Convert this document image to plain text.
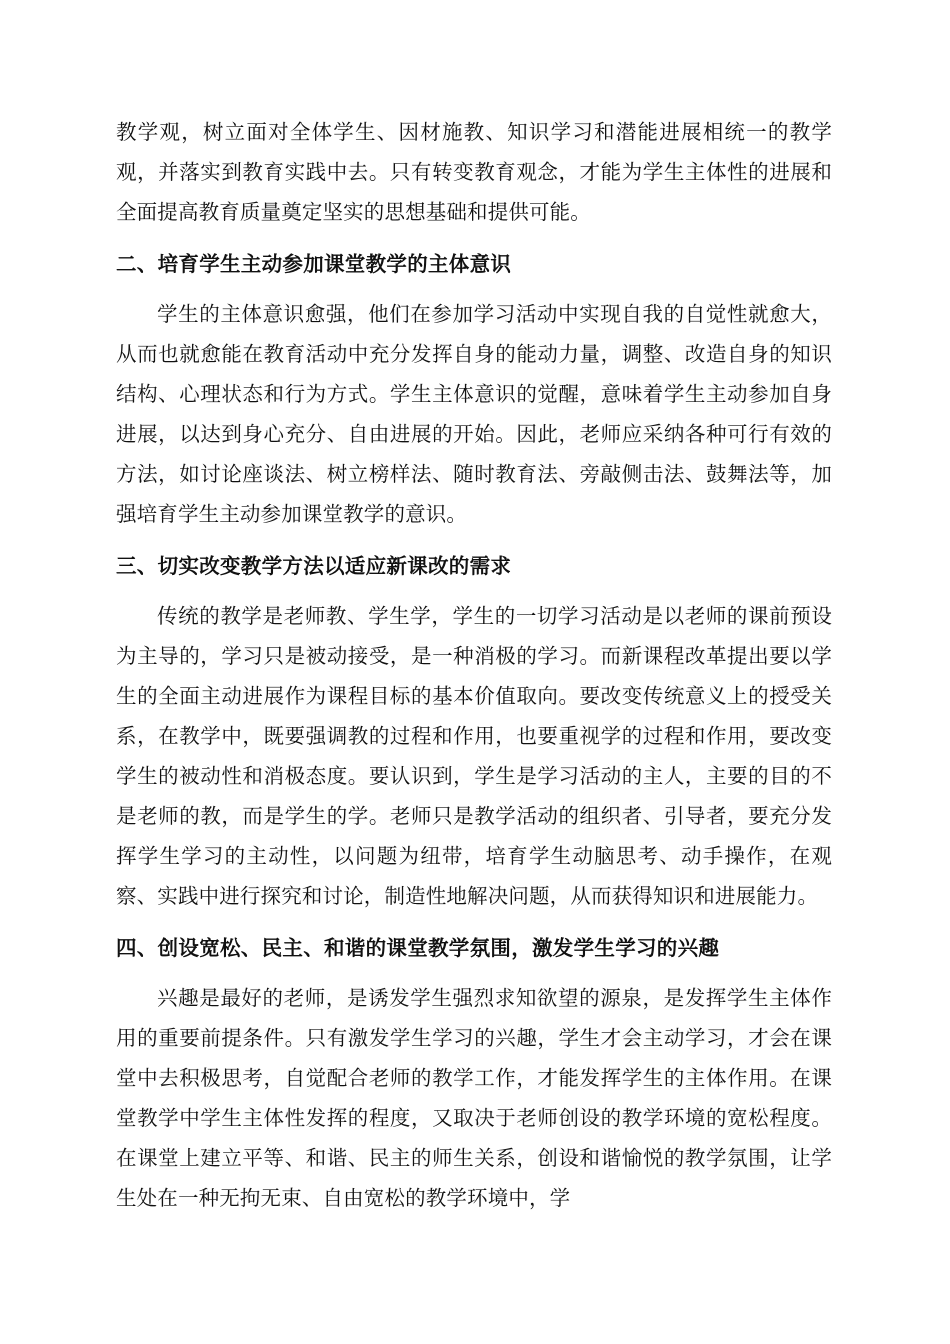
教学观，树立面对全体学生、因材施教、知识学习和潜能进展相统一的教学观，并落实到教育实践中去。只有转变教育观念，才能为学生主体性的进展和全面提高教育质量奠定坚实的思想基础和提供可能。

二、培育学生主动参加课堂教学的主体意识

学生的主体意识愈强，他们在参加学习活动中实现自我的自觉性就愈大，从而也就愈能在教育活动中充分发挥自身的能动力量，调整、改造自身的知识结构、心理状态和行为方式。学生主体意识的觉醒，意味着学生主动参加自身进展，以达到身心充分、自由进展的开始。因此，老师应采纳各种可行有效的方法，如讨论座谈法、树立榜样法、随时教育法、旁敲侧击法、鼓舞法等，加强培育学生主动参加课堂教学的意识。

三、切实改变教学方法以适应新课改的需求

传统的教学是老师教、学生学，学生的一切学习活动是以老师的课前预设为主导的，学习只是被动接受，是一种消极的学习。而新课程改革提出要以学生的全面主动进展作为课程目标的基本价值取向。要改变传统意义上的授受关系，在教学中，既要强调教的过程和作用，也要重视学的过程和作用，要改变学生的被动性和消极态度。要认识到，学生是学习活动的主人，主要的目的不是老师的教，而是学生的学。老师只是教学活动的组织者、引导者，要充分发挥学生学习的主动性，以问题为纽带，培育学生动脑思考、动手操作，在观察、实践中进行探究和讨论，制造性地解决问题，从而获得知识和进展能力。

四、创设宽松、民主、和谐的课堂教学氛围，激发学生学习的兴趣

兴趣是最好的老师，是诱发学生强烈求知欲望的源泉，是发挥学生主体作用的重要前提条件。只有激发学生学习的兴趣，学生才会主动学习，才会在课堂中去积极思考，自觉配合老师的教学工作，才能发挥学生的主体作用。在课堂教学中学生主体性发挥的程度，又取决于老师创设的教学环境的宽松程度。在课堂上建立平等、和谐、民主的师生关系，创设和谐愉悦的教学氛围，让学生处在一种无拘无束、自由宽松的教学环境中，学
